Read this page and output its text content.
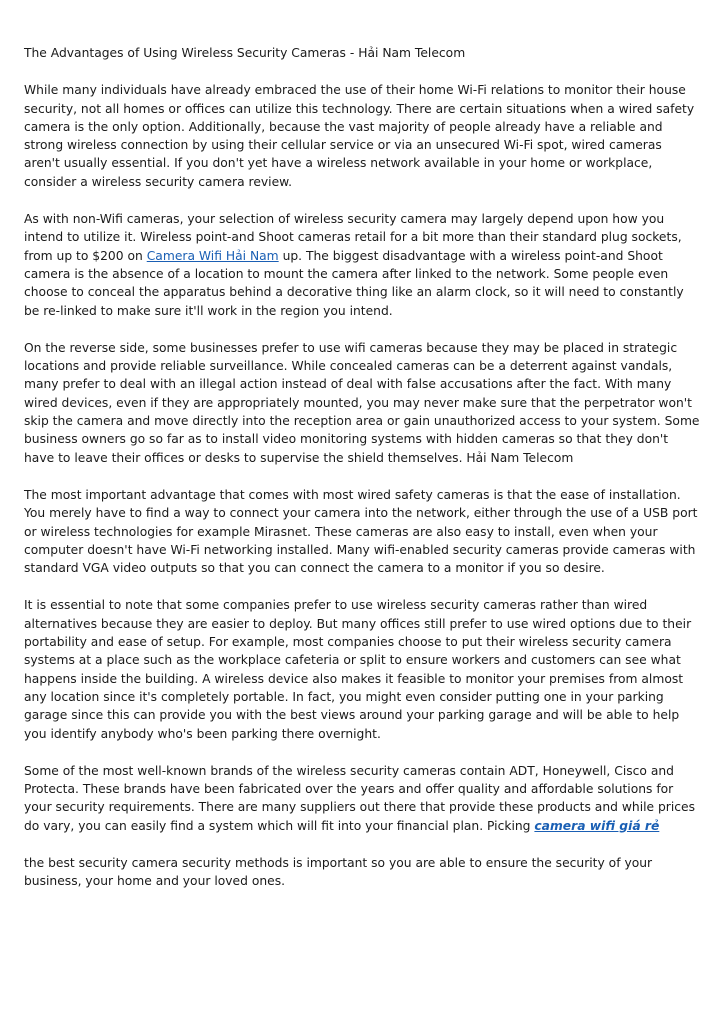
The Advantages of Using Wireless Security Cameras - Hải Nam Telecom

While many individuals have already embraced the use of their home Wi-Fi relations to monitor their house security, not all homes or offices can utilize this technology. There are certain situations when a wired safety camera is the only option. Additionally, because the vast majority of people already have a reliable and strong wireless connection by using their cellular service or via an unsecured Wi-Fi spot, wired cameras aren't usually essential. If you don't yet have a wireless network available in your home or workplace, consider a wireless security camera review.

As with non-Wifi cameras, your selection of wireless security camera may largely depend upon how you intend to utilize it. Wireless point-and Shoot cameras retail for a bit more than their standard plug sockets, from up to $200 on Camera Wifi Hải Nam up. The biggest disadvantage with a wireless point-and Shoot camera is the absence of a location to mount the camera after linked to the network. Some people even choose to conceal the apparatus behind a decorative thing like an alarm clock, so it will need to constantly be re-linked to make sure it'll work in the region you intend.

On the reverse side, some businesses prefer to use wifi cameras because they may be placed in strategic locations and provide reliable surveillance. While concealed cameras can be a deterrent against vandals, many prefer to deal with an illegal action instead of deal with false accusations after the fact. With many wired devices, even if they are appropriately mounted, you may never make sure that the perpetrator won't skip the camera and move directly into the reception area or gain unauthorized access to your system. Some business owners go so far as to install video monitoring systems with hidden cameras so that they don't have to leave their offices or desks to supervise the shield themselves. Hải Nam Telecom

The most important advantage that comes with most wired safety cameras is that the ease of installation. You merely have to find a way to connect your camera into the network, either through the use of a USB port or wireless technologies for example Mirasnet. These cameras are also easy to install, even when your computer doesn't have Wi-Fi networking installed. Many wifi-enabled security cameras provide cameras with standard VGA video outputs so that you can connect the camera to a monitor if you so desire.

It is essential to note that some companies prefer to use wireless security cameras rather than wired alternatives because they are easier to deploy. But many offices still prefer to use wired options due to their portability and ease of setup. For example, most companies choose to put their wireless security camera systems at a place such as the workplace cafeteria or split to ensure workers and customers can see what happens inside the building. A wireless device also makes it feasible to monitor your premises from almost any location since it's completely portable. In fact, you might even consider putting one in your parking garage since this can provide you with the best views around your parking garage and will be able to help you identify anybody who's been parking there overnight.

Some of the most well-known brands of the wireless security cameras contain ADT, Honeywell, Cisco and Protecta. These brands have been fabricated over the years and offer quality and affordable solutions for your security requirements. There are many suppliers out there that provide these products and while prices do vary, you can easily find a system which will fit into your financial plan. Picking camera wifi giá rẻ

the best security camera security methods is important so you are able to ensure the security of your business, your home and your loved ones.
